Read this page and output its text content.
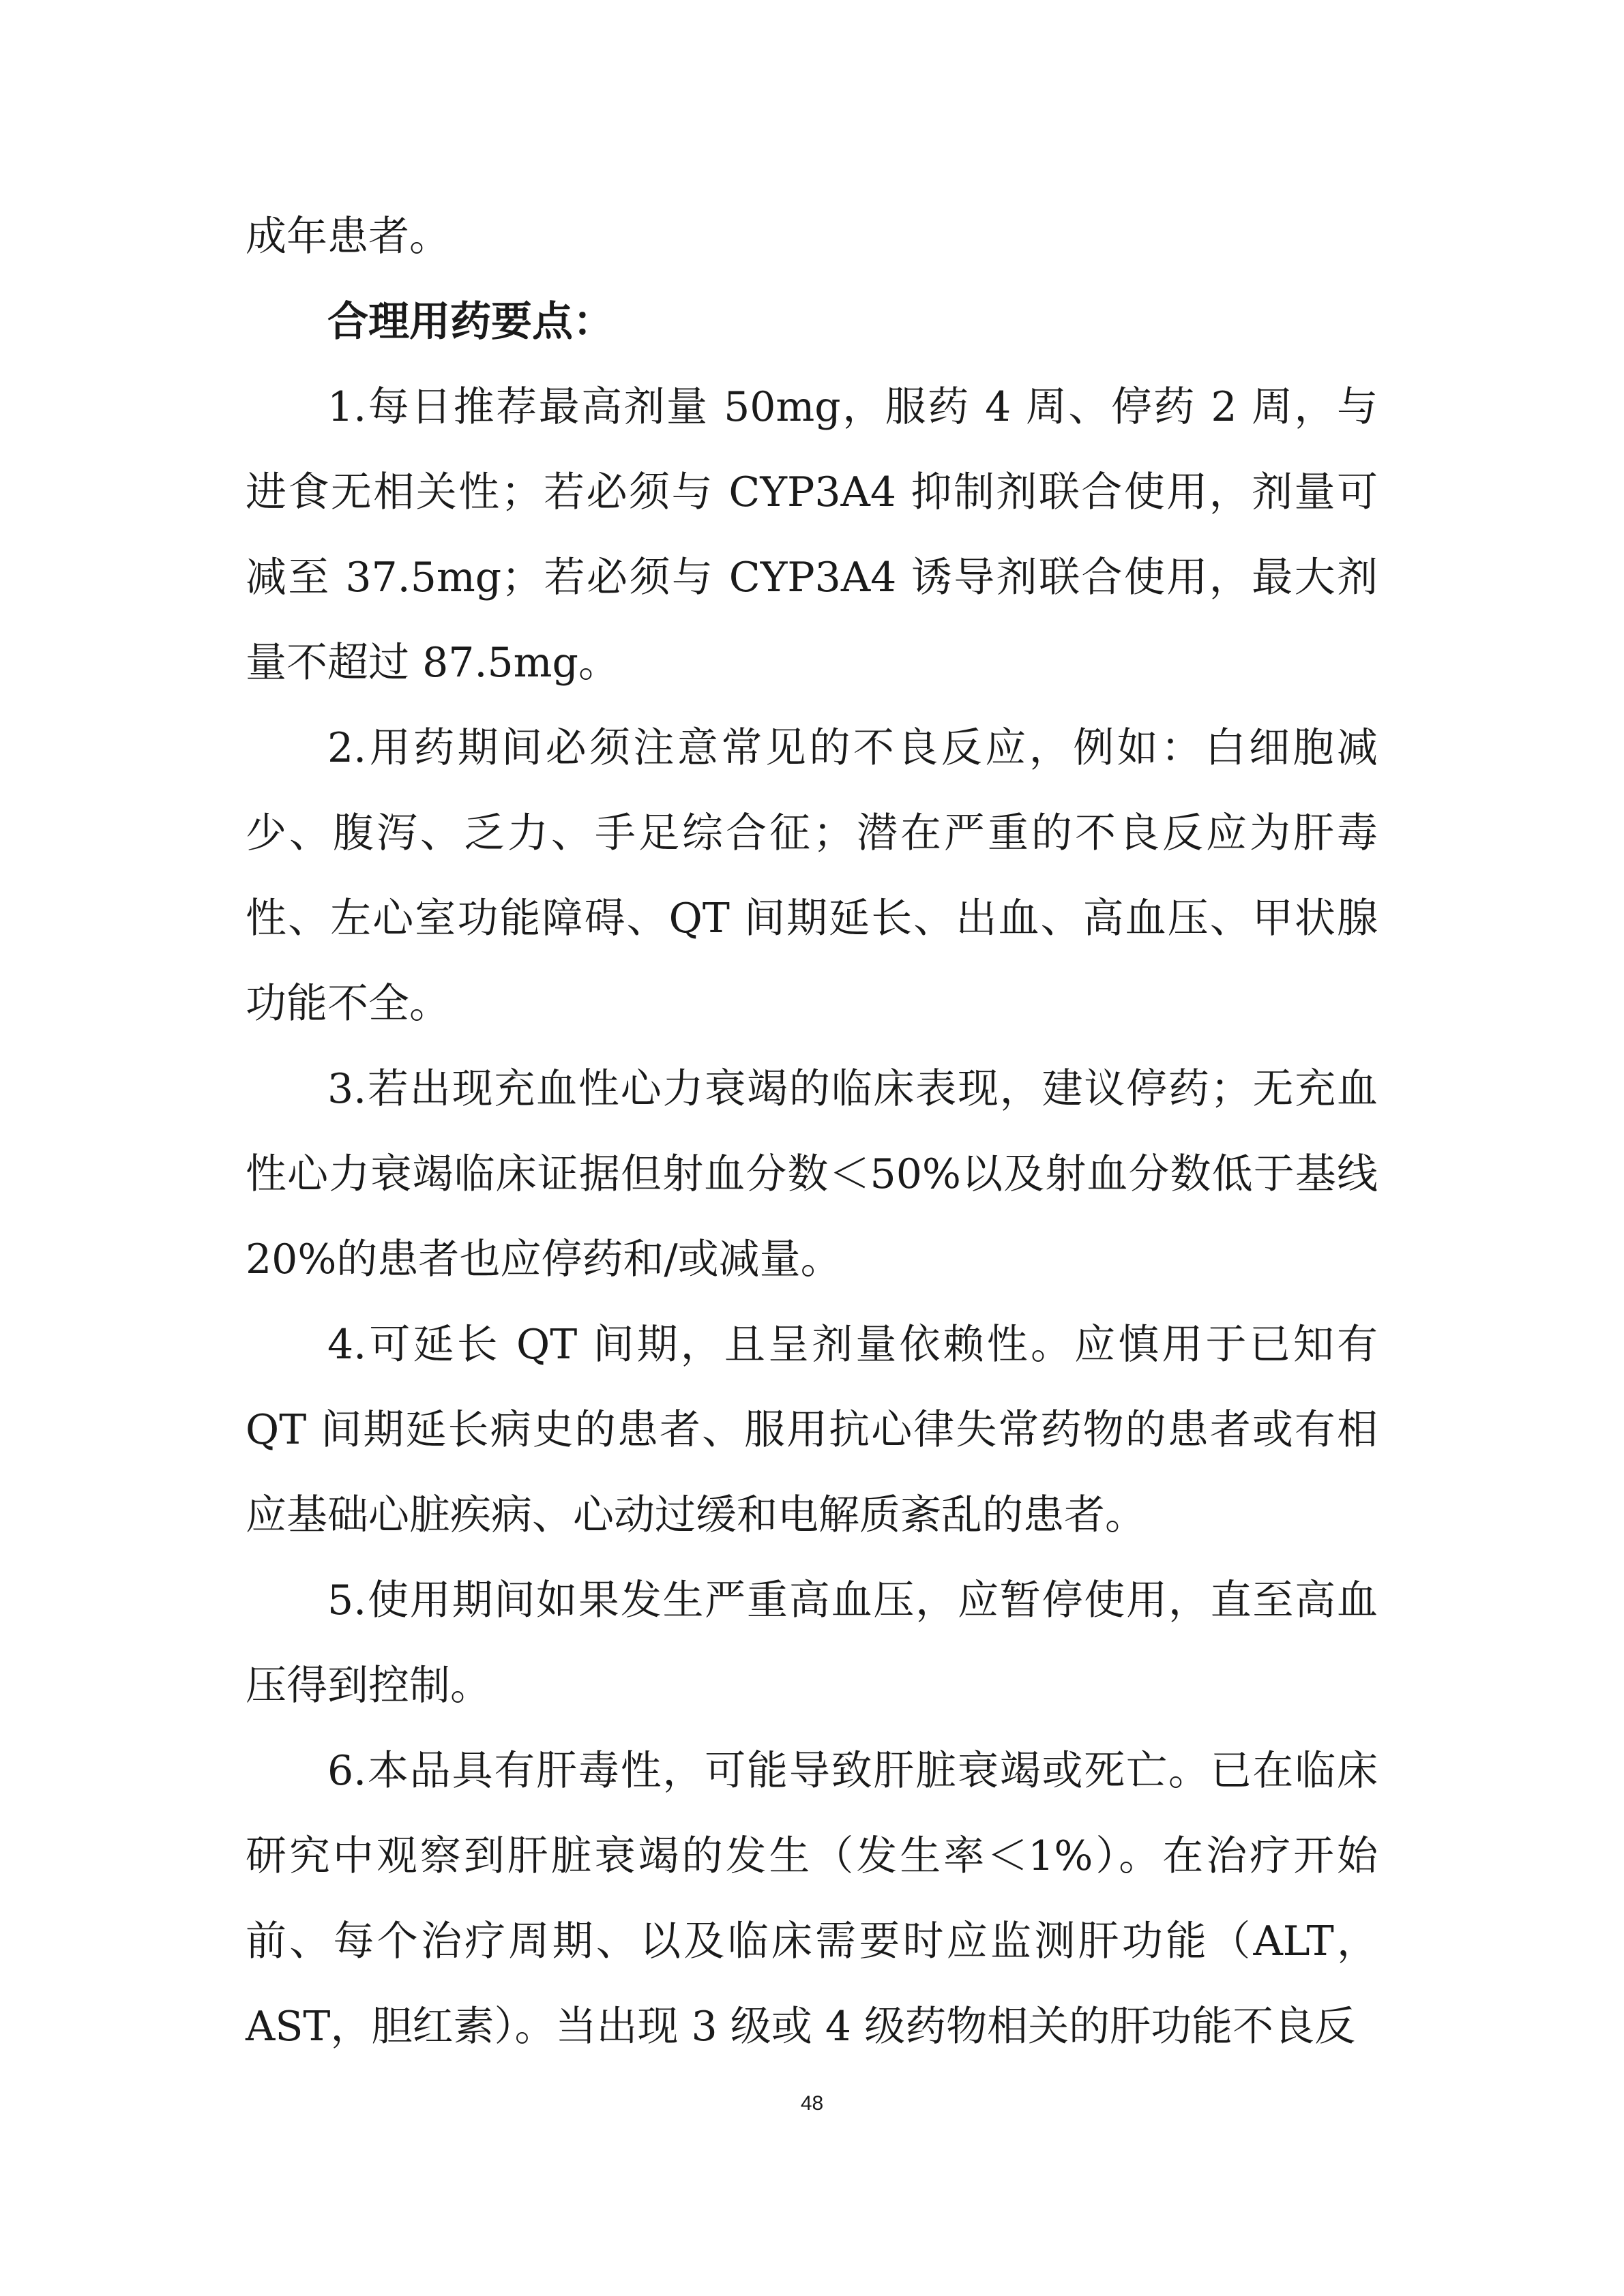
成年患者。

合理用药要点：

1.每日推荐最高剂量 50mg，服药 4 周、停药 2 周，与进食无相关性；若必须与 CYP3A4 抑制剂联合使用，剂量可减至 37.5mg；若必须与 CYP3A4 诱导剂联合使用，最大剂量不超过 87.5mg。

2.用药期间必须注意常见的不良反应，例如：白细胞减少、腹泻、乏力、手足综合征；潜在严重的不良反应为肝毒性、左心室功能障碍、QT 间期延长、出血、高血压、甲状腺功能不全。

3.若出现充血性心力衰竭的临床表现，建议停药；无充血性心力衰竭临床证据但射血分数＜50%以及射血分数低于基线 20%的患者也应停药和/或减量。

4.可延长 QT 间期，且呈剂量依赖性。应慎用于已知有 QT 间期延长病史的患者、服用抗心律失常药物的患者或有相应基础心脏疾病、心动过缓和电解质紊乱的患者。

5.使用期间如果发生严重高血压，应暂停使用，直至高血压得到控制。

6.本品具有肝毒性，可能导致肝脏衰竭或死亡。已在临床研究中观察到肝脏衰竭的发生（发生率＜1%）。在治疗开始前、每个治疗周期、以及临床需要时应监测肝功能（ALT，AST，胆红素）。当出现 3 级或 4 级药物相关的肝功能不良反

48
